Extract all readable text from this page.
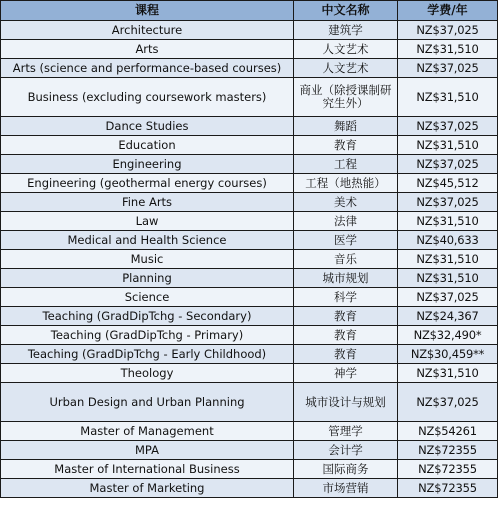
课程	中文名称	学费/年
Architecture	建筑学	NZ$37,025
Arts	人文艺术	NZ$31,510
Arts (science and performance-based courses)	人文艺术	NZ$37,025
Business (excluding coursework masters)	商业（除授课制研究生外）	NZ$31,510
Dance Studies	舞蹈	NZ$37,025
Education	教育	NZ$31,510
Engineering	工程	NZ$37,025
Engineering (geothermal energy courses)	工程（地热能）	NZ$45,512
Fine Arts	美术	NZ$37,025
Law	法律	NZ$31,510
Medical and Health Science	医学	NZ$40,633
Music	音乐	NZ$31,510
Planning	城市规划	NZ$31,510
Science	科学	NZ$37,025
Teaching (GradDipTchg - Secondary)	教育	NZ$24,367
Teaching (GradDipTchg - Primary)	教育	NZ$32,490*
Teaching (GradDipTchg - Early Childhood)	教育	NZ$30,459**
Theology	神学	NZ$31,510
Urban Design and Urban Planning	城市设计与规划	NZ$37,025
Master of Management	管理学	NZ$54261
MPA	会计学	NZ$72355
Master of International Business	国际商务	NZ$72355
Master of Marketing	市场营销	NZ$72355
